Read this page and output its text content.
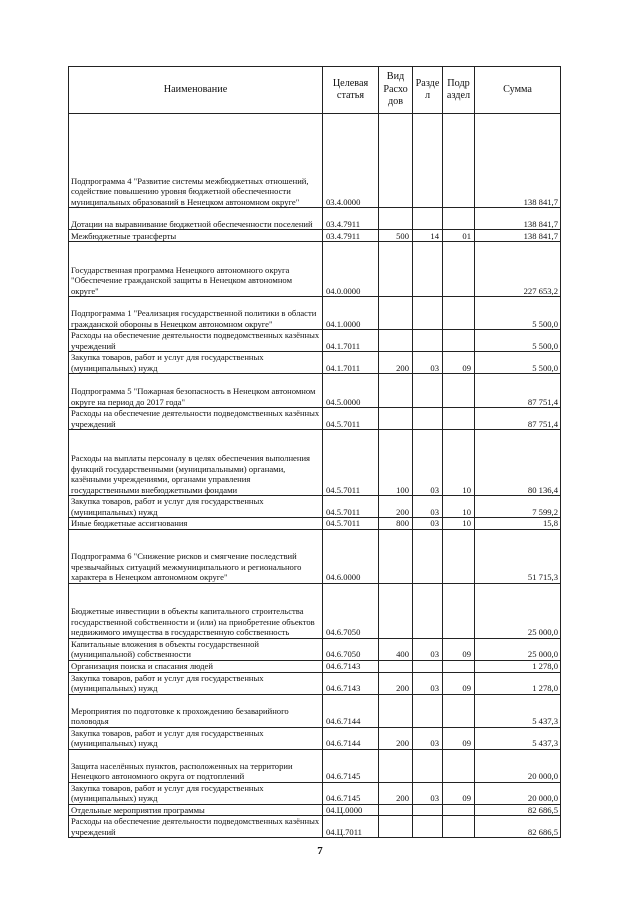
Наименование	Целевая статья	Вид Расхо дов	Разде л	Подр аздел	Сумма
Подпрограмма 4 "Развитие системы межбюджетных отношений, содействие повышению уровня бюджетной обеспеченности муниципальных образований в Ненецком автономном округе"	03.4.0000				138 841,7
Дотации на выравнивание бюджетной обеспеченности поселений	03.4.7911				138 841,7
Межбюджетные трансферты	03.4.7911	500	14	01	138 841,7
Государственная программа Ненецкого автономного округа "Обеспечение гражданской защиты в Ненецком автономном округе"	04.0.0000				227 653,2
Подпрограмма 1 "Реализация государственной политики в области гражданской обороны в Ненецком автономном округе"	04.1.0000				5 500,0
Расходы на обеспечение деятельности подведомственных казённых учреждений	04.1.7011				5 500,0
Закупка товаров, работ и услуг для государственных (муниципальных) нужд	04.1.7011	200	03	09	5 500,0
Подпрограмма 5 "Пожарная безопасность в Ненецком автономном округе на период до 2017 года"	04.5.0000				87 751,4
Расходы на обеспечение деятельности подведомственных казённых учреждений	04.5.7011				87 751,4
Расходы на выплаты персоналу в целях обеспечения выполнения функций государственными (муниципальными) органами, казёнными учреждениями, органами управления государственными внебюджетными фондами	04.5.7011	100	03	10	80 136,4
Закупка товаров, работ и услуг для государственных (муниципальных) нужд	04.5.7011	200	03	10	7 599,2
Иные бюджетные ассигнования	04.5.7011	800	03	10	15,8
Подпрограмма 6 "Снижение рисков и смягчение последствий чрезвычайных ситуаций межмуниципального и регионального характера в Ненецком автономном округе"	04.6.0000				51 715,3
Бюджетные инвестиции в объекты капитального строительства государственной собственности и (или) на приобретение объектов недвижимого имущества в государственную собственность	04.6.7050				25 000,0
Капитальные вложения в объекты государственной (муниципальной) собственности	04.6.7050	400	03	09	25 000,0
Организация поиска и спасания людей	04.6.7143				1 278,0
Закупка товаров, работ и услуг для государственных (муниципальных) нужд	04.6.7143	200	03	09	1 278,0
Мероприятия по подготовке к прохождению безаварийного половодья	04.6.7144				5 437,3
Закупка товаров, работ и услуг для государственных (муниципальных) нужд	04.6.7144	200	03	09	5 437,3
Защита населённых пунктов, расположенных на территории Ненецкого автономного округа от подтоплений	04.6.7145				20 000,0
Закупка товаров, работ и услуг для государственных (муниципальных) нужд	04.6.7145	200	03	09	20 000,0
Отдельные мероприятия программы	04.Ц.0000				82 686,5
Расходы на обеспечение деятельности подведомственных казённых учреждений	04.Ц.7011				82 686,5
7
